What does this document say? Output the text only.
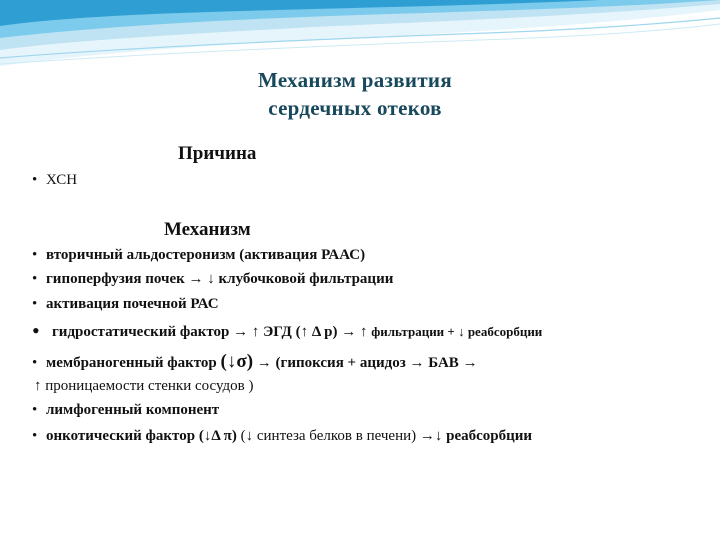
Механизм развития
сердечных отеков
Причина
• ХСН
Механизм
• вторичный альдостеронизм (активация РААС)
• гипоперфузия почек → ↓ клубочковой фильтрации
• активация почечной РАС
• гидростатический фактор → ↑ ЭГД (↑ Δ р) → ↑ фильтрации + ↓ реабсорбции
• мембраногенный фактор (↓σ) → (гипоксия + ацидоз → БАВ →
↑ проницаемости стенки сосудов )
• лимфогенный компонент
• онкотический фактор (↓Δ π) (↓ синтеза белков в печени) →↓ реабсорбции
